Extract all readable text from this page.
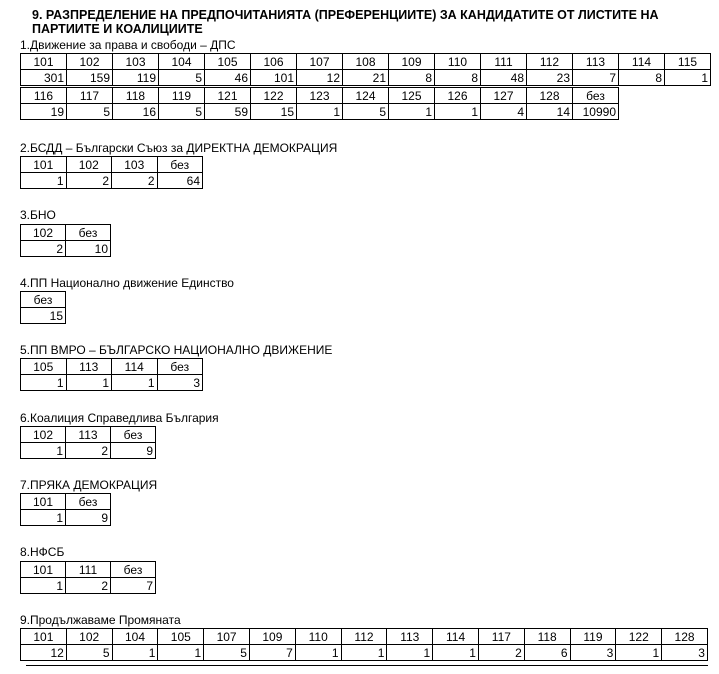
9. РАЗПРЕДЕЛЕНИЕ НА ПРЕДПОЧИТАНИЯТА (ПРЕФЕРЕНЦИИТЕ) ЗА КАНДИДАТИТЕ ОТ ЛИСТИТЕ НА ПАРТИИТЕ И КОАЛИЦИИТЕ
1.Движение за права и свободи – ДПС
101	102	103	104	105	106	107	108	109	110	111	112	113	114	115
301	159	119	5	46	101	12	21	8	8	48	23	7	8	1
116	117	118	119	121	122	123	124	125	126	127	128	без
19	5	16	5	59	15	1	5	1	1	4	14	10990
2.БСДД – Български Съюз за ДИРЕКТНА ДЕМОКРАЦИЯ
101	102	103	без
1	2	2	64
3.БНО
102	без
2	10
4.ПП Национално движение Единство
без
15
5.ПП ВМРО – БЪЛГАРСКО НАЦИОНАЛНО ДВИЖЕНИЕ
105	113	114	без
1	1	1	3
6.Коалиция Справедлива България
102	113	без
1	2	9
7.ПРЯКА ДЕМОКРАЦИЯ
101	без
1	9
8.НФСБ
101	111	без
1	2	7
9.Продължаваме Промяната
101	102	104	105	107	109	110	112	113	114	117	118	119	122	128
12	5	1	1	5	7	1	1	1	1	2	6	3	1	3
